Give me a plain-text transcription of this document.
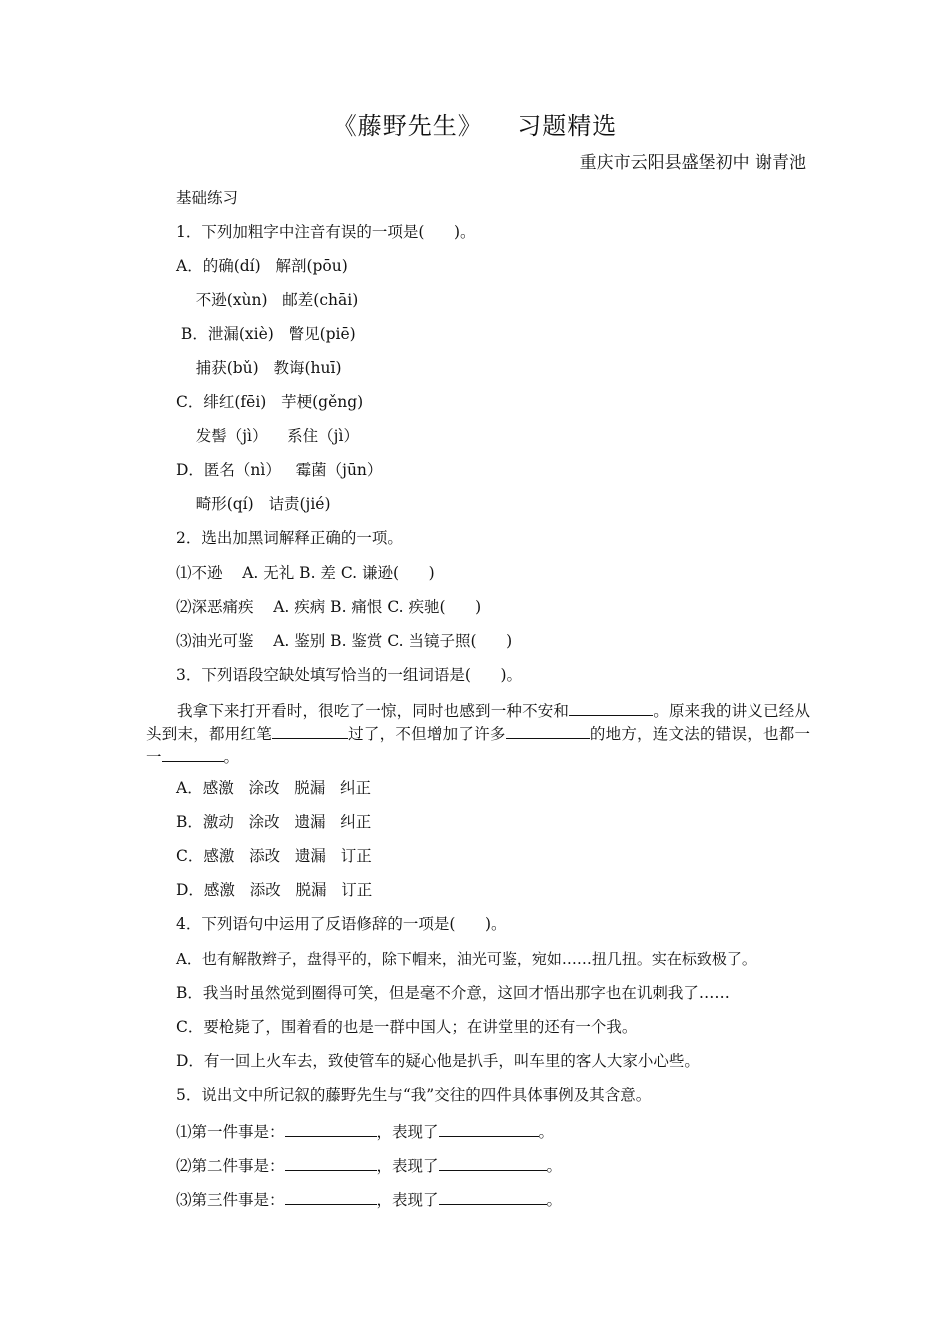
《藤野先生》    习题精选
重庆市云阳县盛堡初中 谢青池
基础练习
1．下列加粗字中注音有误的一项是(      )。
A．的确(dí)   解剖(pōu)
不逊(xùn)   邮差(chāi)
B．泄漏(xiè)   瞥见(piē)
捕获(bǔ)   教诲(huī)
C．绯红(fēi)   芋梗(gěng)
发髻（jì）    系住（jì）
D．匿名（nì）   霉菌（jūn）
畸形(qí)   诘责(jié)
2．选出加黑词解释正确的一项。
⑴不逊    A. 无礼 B. 差 C. 谦逊(      )
⑵深恶痛疾    A. 疾病 B. 痛恨 C. 疾驰(      )
⑶油光可鉴    A. 鉴别 B. 鉴赏 C. 当镜子照(      )
3．下列语段空缺处填写恰当的一组词语是(      )。
我拿下来打开看时，很吃了一惊，同时也感到一种不安和	。原来我的讲义已经从头到末，都用红笔	过了，不但增加了许多	的地方，连文法的错误，也都一一	。
A．感激   涂改   脱漏   纠正
B．激动   涂改   遗漏   纠正
C．感激   添改   遗漏   订正
D．感激   添改   脱漏   订正
4．下列语句中运用了反语修辞的一项是(      )。
A．也有解散辫子，盘得平的，除下帽来，油光可鉴，宛如……扭几扭。实在标致极了。
B．我当时虽然觉到圈得可笑，但是毫不介意，这回才悟出那字也在讥刺我了……
C．要枪毙了，围着看的也是一群中国人；在讲堂里的还有一个我。
D．有一回上火车去，致使管车的疑心他是扒手，叫车里的客人大家小心些。
5．说出文中所记叙的藤野先生与“我”交往的四件具体事例及其含意。
⑴第一件事是：	，表现了	。
⑵第二件事是：	，表现了	。
⑶第三件事是：	，表现了	。
